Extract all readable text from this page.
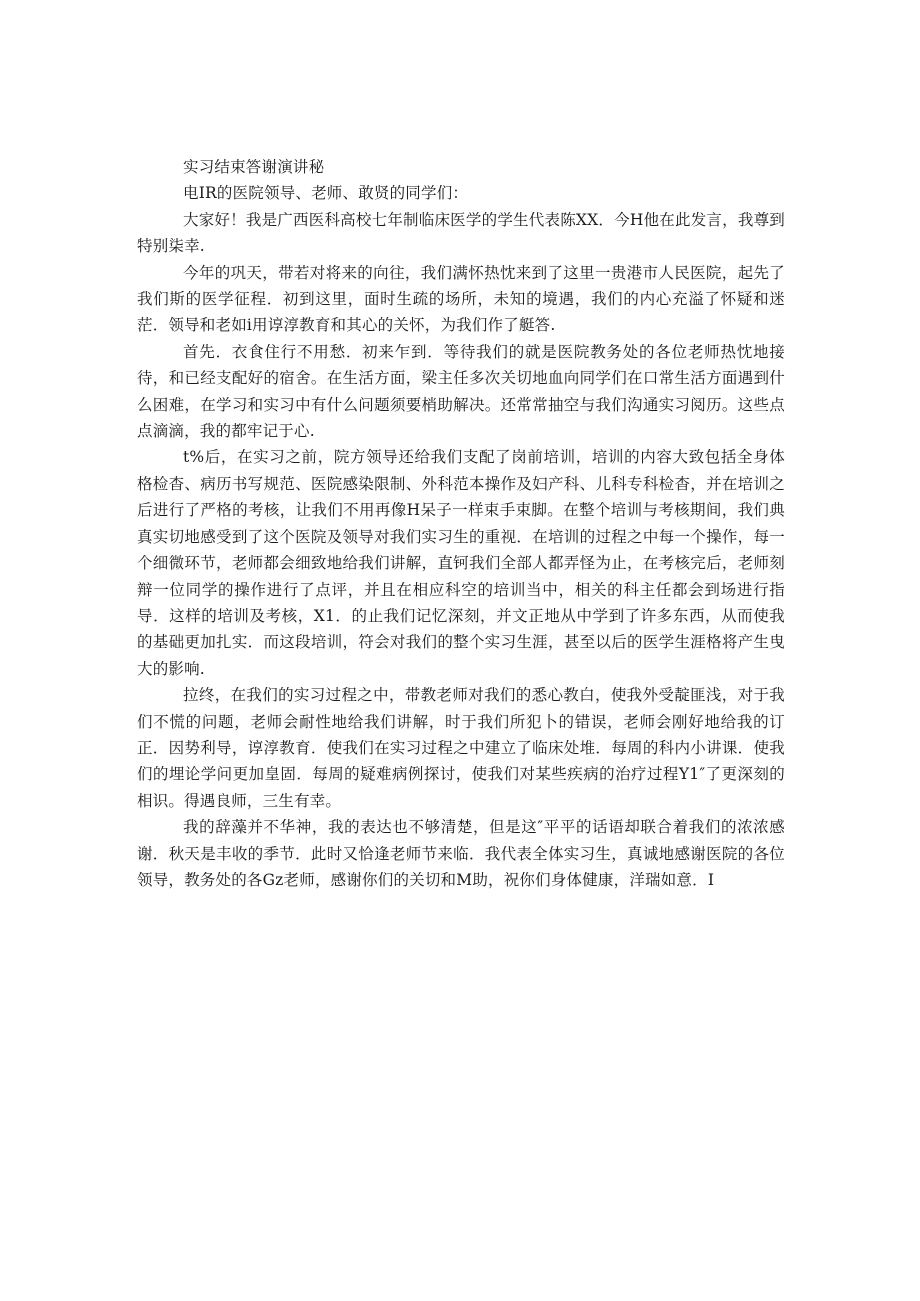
实习结束答谢演讲秘

电IR的医院领导、老师、敢贤的同学们：

大家好！我是广西医科高校七年制临床医学的学生代表陈XX．今H他在此发言，我尊到特别柒幸.

今年的巩天，带若对将来的向往，我们满怀热忱来到了这里一贵港市人民医院，起先了我们斯的医学征程．初到这里，面时生疏的场所，未知的境遇，我们的内心充溢了怀疑和迷茫．领导和老如i用谆淳教育和其心的关怀，为我们作了艇答.

首先．衣食住行不用愁．初来乍到．等待我们的就是医院教务处的各位老师热忱地接待，和已经支配好的宿舍。在生活方面，梁主任多次关切地血向同学们在口常生活方面遇到什么困难，在学习和实习中有什么问题须要梢助解决。还常常抽空与我们沟通实习阅历。这些点点滴滴，我的都牢记于心.

t%后，在实习之前，院方领导还给我们支配了岗前培训，培训的内容大致包括全身体格检杳、病历书写规范、医院感染限制、外科范本操作及妇产科、儿科专科检杳，并在培训之后进行了严格的考核，让我们不用再像H呆子一样束手束脚。在整个培训与考核期间，我们典真实切地感受到了这个医院及领导对我们实习生的重视．在培训的过程之中每一个操作，每一个细微环节，老师都会细致地给我们讲解，直钶我们全部人都弄怪为止，在考核完后，老师刻辩一位同学的操作进行了点评，并且在相应科空的培训当中，相关的科主任都会到场进行指导．这样的培训及考核，X1．的止我们记忆深刻，并文正地从中学到了许多东西，从而使我的基础更加扎实．而这段培训，符会对我们的整个实习生涯，甚至以后的医学生涯格将产生曳大的影响.

拉终，在我们的实习过程之中，带教老师对我们的悉心教白，使我外受靛匪浅，对于我们不慌的问题，老师会耐性地给我们讲解，时于我们所犯卜的错误，老师会刚好地给我的订正．因势利导，谆淳教育．使我们在实习过程之中建立了临床处堆．每周的科内小讲课．使我们的埋论学问更加皇固．每周的疑难病例探讨，使我们对某些疾病的治疗过程Y1″了更深刻的相识。得遇良师，三生有幸。

我的辞藻并不华神，我的表达也不够清楚，但是这″平平的话语却联合着我们的浓浓感谢．秋天是丰收的季节．此时又恰逢老师节来临．我代表全体实习生，真诚地感谢医院的各位领导，教务处的各Gz老师，感谢你们的关切和M助，祝你们身体健康，洋瑞如意．I
